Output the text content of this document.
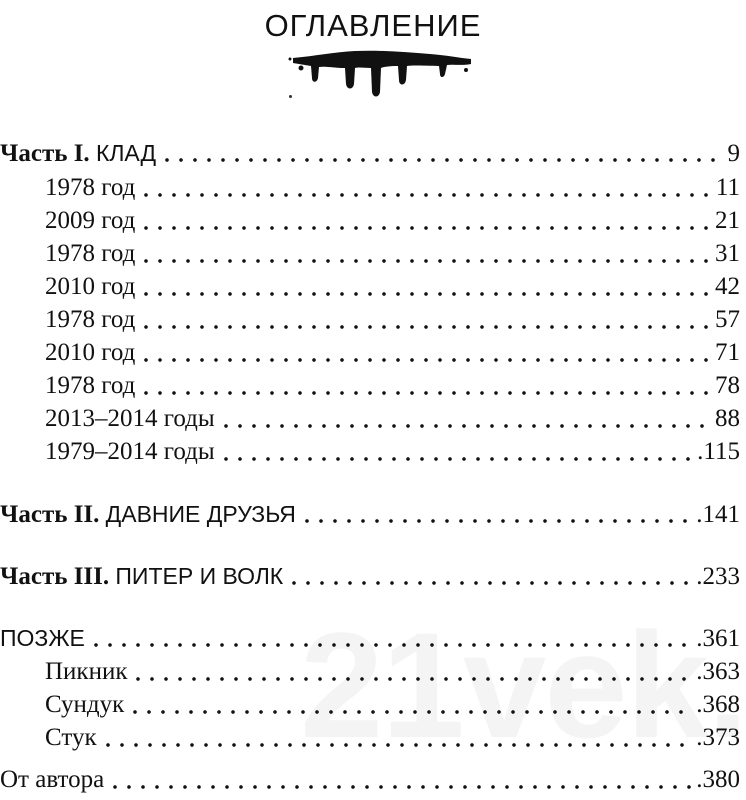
ОГЛАВЛЕНИЕ
Часть I. КЛАД	9
1978 год	11
2009 год	21
1978 год	31
2010 год	42
1978 год	57
2010 год	71
1978 год	78
2013–2014 годы	88
1979–2014 годы	.115
Часть II. ДАВНИЕ ДРУЗЬЯ	.141
Часть III. ПИТЕР И ВОЛК	.233
ПОЗЖЕ	.361
Пикник	.363
Сундук	.368
Стук	.373
От автора	.380
